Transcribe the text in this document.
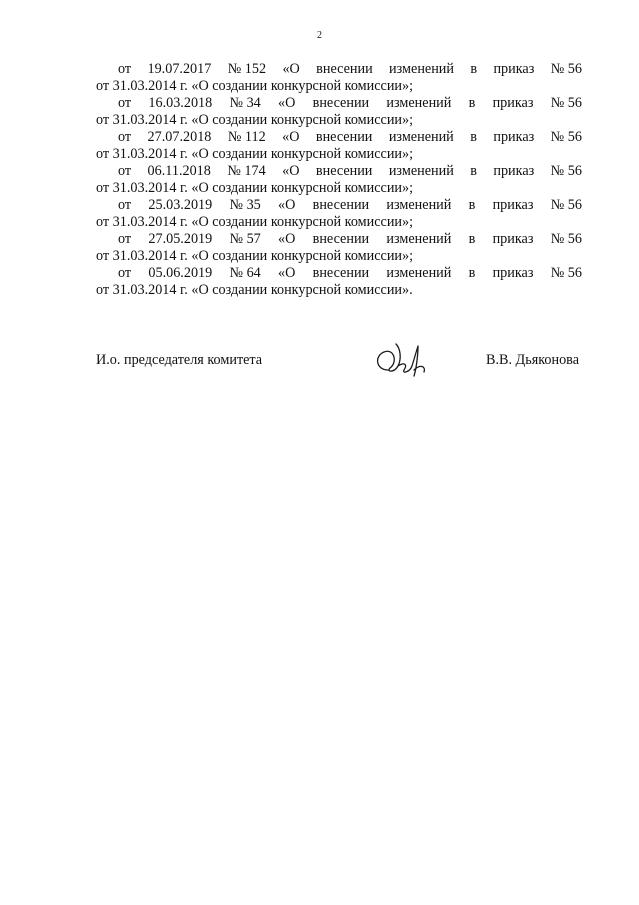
2
от 19.07.2017 № 152 «О внесении изменений в приказ № 56
от 31.03.2014 г. «О создании конкурсной комиссии»;
от 16.03.2018 № 34 «О внесении изменений в приказ № 56
от 31.03.2014 г. «О создании конкурсной комиссии»;
от 27.07.2018 № 112 «О внесении изменений в приказ № 56
от 31.03.2014 г. «О создании конкурсной комиссии»;
от 06.11.2018 № 174 «О внесении изменений в приказ № 56
от 31.03.2014 г. «О создании конкурсной комиссии»;
от 25.03.2019 № 35 «О внесении изменений в приказ № 56
от 31.03.2014 г. «О создании конкурсной комиссии»;
от 27.05.2019 № 57 «О внесении изменений в приказ № 56
от 31.03.2014 г. «О создании конкурсной комиссии»;
от 05.06.2019 № 64 «О внесении изменений в приказ № 56
от 31.03.2014 г. «О создании конкурсной комиссии».
И.о. председателя комитета	В.В. Дьяконова
